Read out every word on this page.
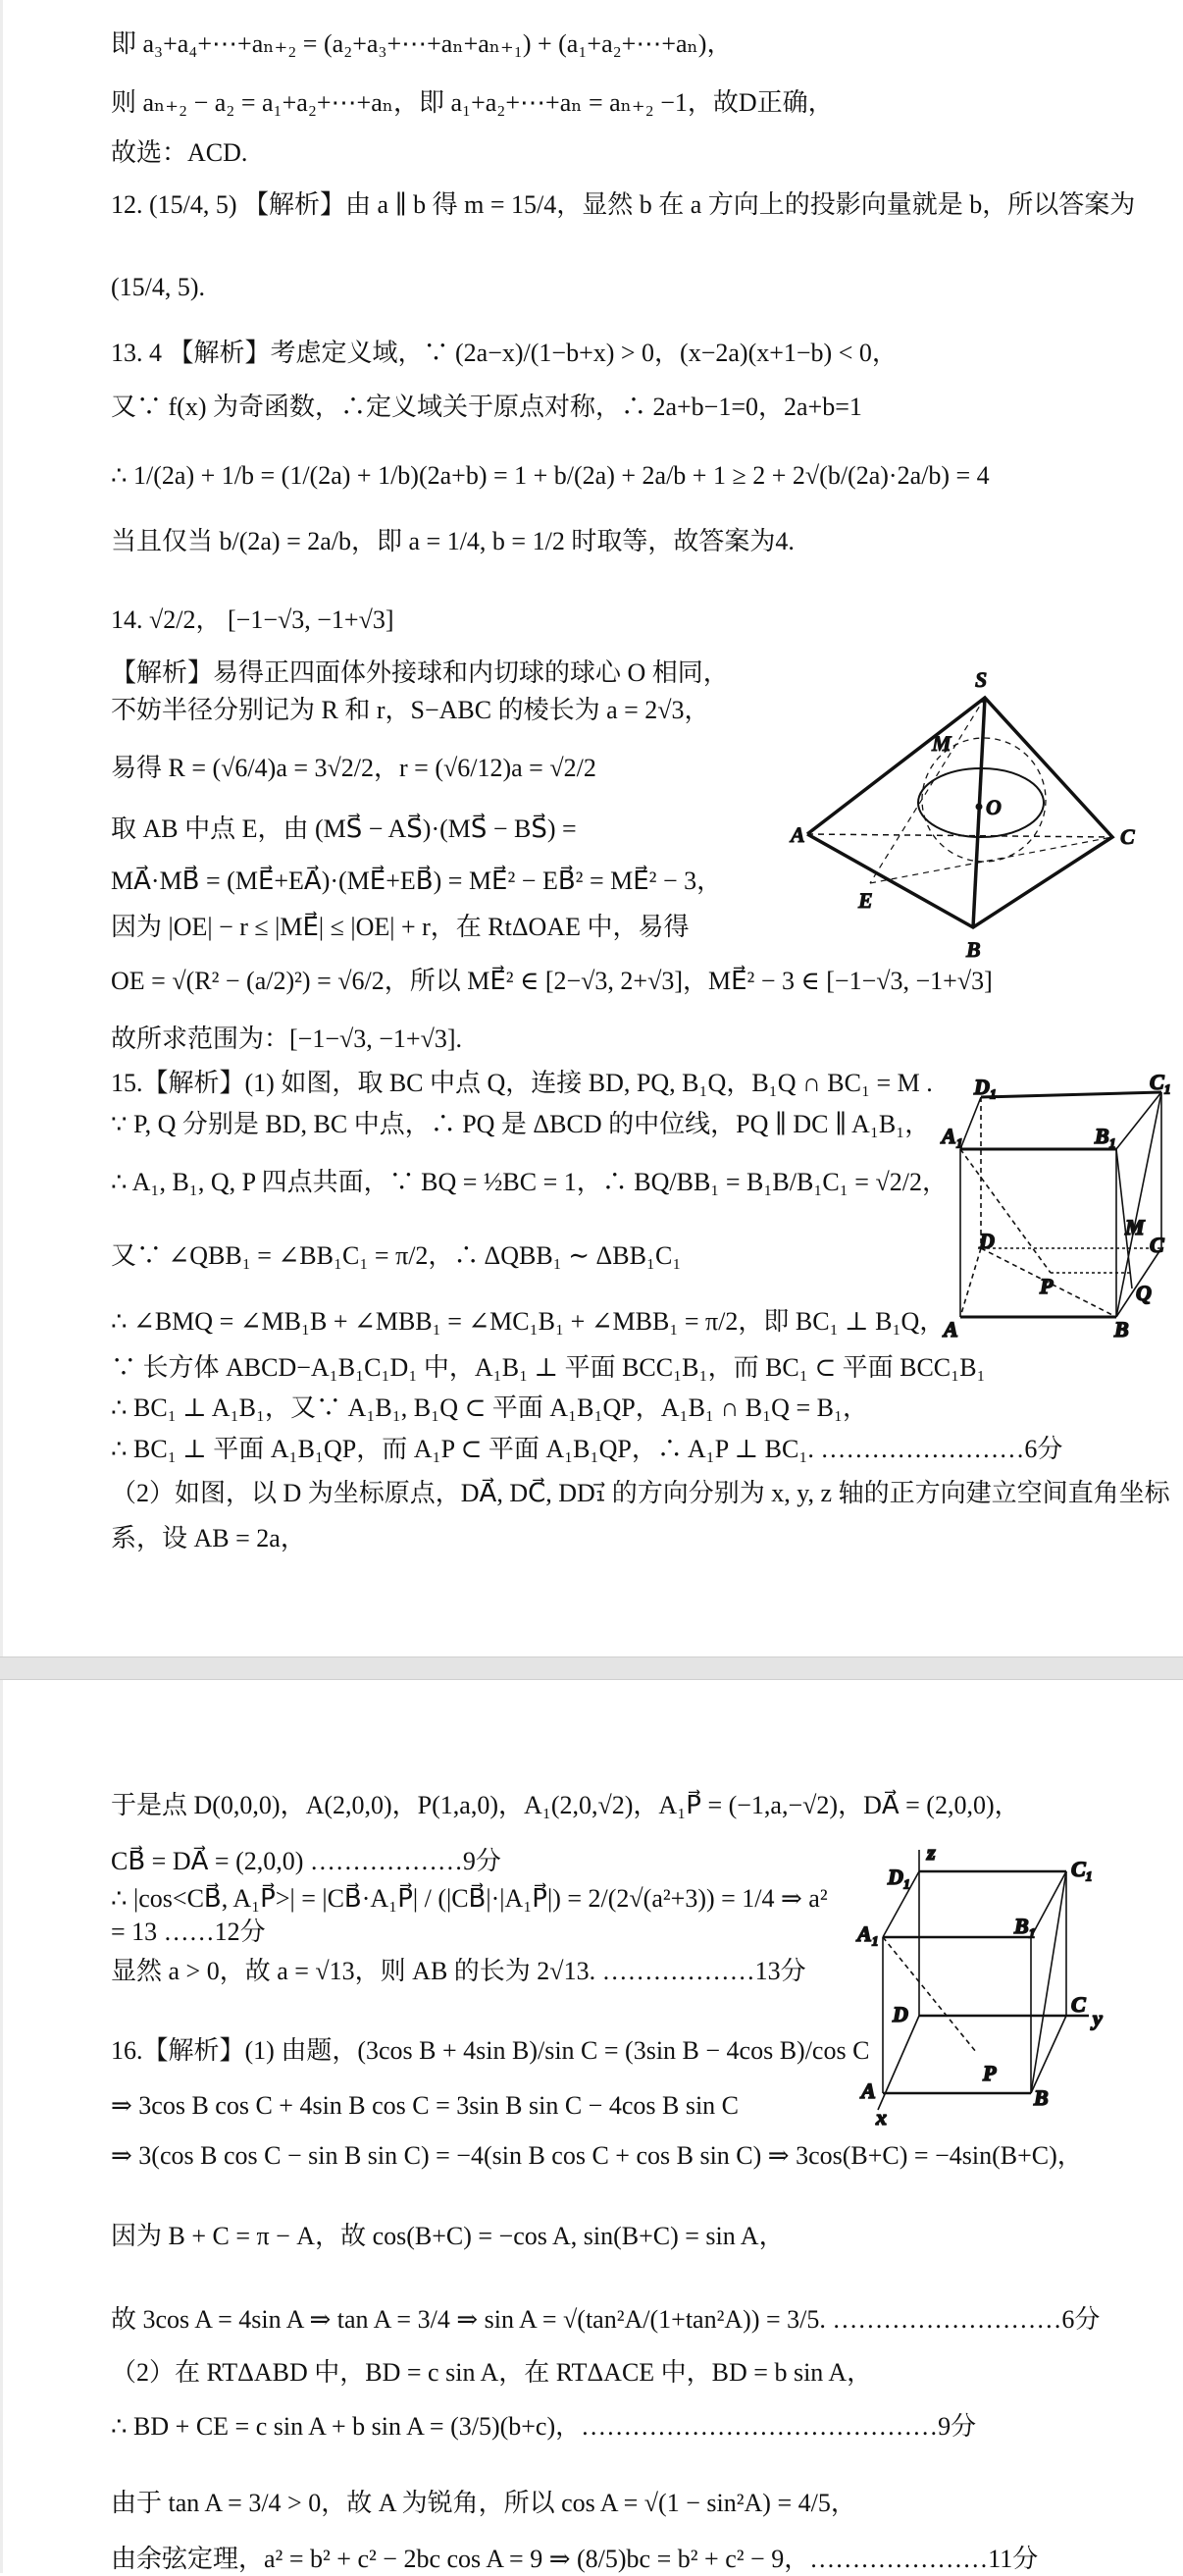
即 a₃+a₄+⋯+aₙ₊₂ = (a₂+a₃+⋯+aₙ+aₙ₊₁) + (a₁+a₂+⋯+aₙ)，
则 aₙ₊₂ − a₂ = a₁+a₂+⋯+aₙ，即 a₁+a₂+⋯+aₙ = aₙ₊₂ −1，故D正确，
故选：ACD.
12. (15/4, 5) 【解析】由 a ∥ b 得 m = 15/4，显然 b 在 a 方向上的投影向量就是 b，所以答案为
(15/4, 5).
13. 4 【解析】考虑定义域，∵ (2a−x)/(1−b+x) > 0，(x−2a)(x+1−b) < 0，
又∵ f(x) 为奇函数，∴定义域关于原点对称，∴ 2a+b−1=0，2a+b=1
∴ 1/(2a) + 1/b = (1/(2a) + 1/b)(2a+b) = 1 + b/(2a) + 2a/b + 1 ≥ 2 + 2√(b/(2a)·2a/b) = 4
当且仅当 b/(2a) = 2a/b，即 a = 1/4, b = 1/2 时取等，故答案为4.
14. √2/2， [−1−√3, −1+√3]
【解析】易得正四面体外接球和内切球的球心 O 相同，
不妨半径分别记为 R 和 r，S−ABC 的棱长为 a = 2√3，
易得 R = (√6/4)a = 3√2/2，r = (√6/12)a = √2/2
取 AB 中点 E，由 (MS⃗ − AS⃗)·(MS⃗ − BS⃗) =
MA⃗·MB⃗ = (ME⃗+EA⃗)·(ME⃗+EB⃗) = ME⃗² − EB⃗² = ME⃗² − 3，
因为 |OE| − r ≤ |ME⃗| ≤ |OE| + r，在 RtΔOAE 中，易得
OE = √(R² − (a/2)²) = √6/2，所以 ME⃗² ∈ [2−√3, 2+√3]，ME⃗² − 3 ∈ [−1−√3, −1+√3]
故所求范围为：[−1−√3, −1+√3].
15.【解析】(1) 如图，取 BC 中点 Q，连接 BD, PQ, B₁Q，B₁Q ∩ BC₁ = M .
∵ P, Q 分别是 BD, BC 中点，∴ PQ 是 ΔBCD 的中位线，PQ ∥ DC ∥ A₁B₁，
∴ A₁, B₁, Q, P 四点共面，∵ BQ = ½BC = 1，∴ BQ/BB₁ = B₁B/B₁C₁ = √2/2，
又∵ ∠QBB₁ = ∠BB₁C₁ = π/2，∴ ΔQBB₁ ∼ ΔBB₁C₁
∴ ∠BMQ = ∠MB₁B + ∠MBB₁ = ∠MC₁B₁ + ∠MBB₁ = π/2，即 BC₁ ⊥ B₁Q，
∵ 长方体 ABCD−A₁B₁C₁D₁ 中，A₁B₁ ⊥ 平面 BCC₁B₁，而 BC₁ ⊂ 平面 BCC₁B₁
∴ BC₁ ⊥ A₁B₁，又∵ A₁B₁, B₁Q ⊂ 平面 A₁B₁QP，A₁B₁ ∩ B₁Q = B₁，
∴ BC₁ ⊥ 平面 A₁B₁QP，而 A₁P ⊂ 平面 A₁B₁QP，∴ A₁P ⊥ BC₁. ……………………6分
（2）如图，以 D 为坐标原点，DA⃗, DC⃗, DD₁⃗ 的方向分别为 x, y, z 轴的正方向建立空间直角坐标
系，设 AB = 2a，
于是点 D(0,0,0)，A(2,0,0)，P(1,a,0)，A₁(2,0,√2)，A₁P⃗ = (−1,a,−√2)，DA⃗ = (2,0,0)，
CB⃗ = DA⃗ = (2,0,0) ………………9分
∴ |cos<CB⃗, A₁P⃗>| = |CB⃗·A₁P⃗| / (|CB⃗|·|A₁P⃗|) = 2/(2√(a²+3)) = 1/4 ⇒ a² = 13 ……12分
显然 a > 0，故 a = √13，则 AB 的长为 2√13. ………………13分
16.【解析】(1) 由题，(3cos B + 4sin B)/sin C = (3sin B − 4cos B)/cos C
⇒ 3cos B cos C + 4sin B cos C = 3sin B sin C − 4cos B sin C
⇒ 3(cos B cos C − sin B sin C) = −4(sin B cos C + cos B sin C) ⇒ 3cos(B+C) = −4sin(B+C)，
因为 B + C = π − A，故 cos(B+C) = −cos A, sin(B+C) = sin A，
故 3cos A = 4sin A ⇒ tan A = 3/4 ⇒ sin A = √(tan²A/(1+tan²A)) = 3/5. ………………………6分
（2）在 RTΔABD 中，BD = c sin A，在 RTΔACE 中，BD = b sin A，
∴ BD + CE = c sin A + b sin A = (3/5)(b+c)，……………………………………9分
由于 tan A = 3/4 > 0，故 A 为锐角，所以 cos A = √(1 − sin²A) = 4/5，
由余弦定理，a² = b² + c² − 2bc cos A = 9 ⇒ (8/5)bc = b² + c² − 9，…………………11分
S
A	C
B
E
M
O
D₁	C₁
A₁	B₁
D	C
A	B
M
Q
P
z
D₁	C₁
A₁	B₁
D	C
y
A	B
P
x
